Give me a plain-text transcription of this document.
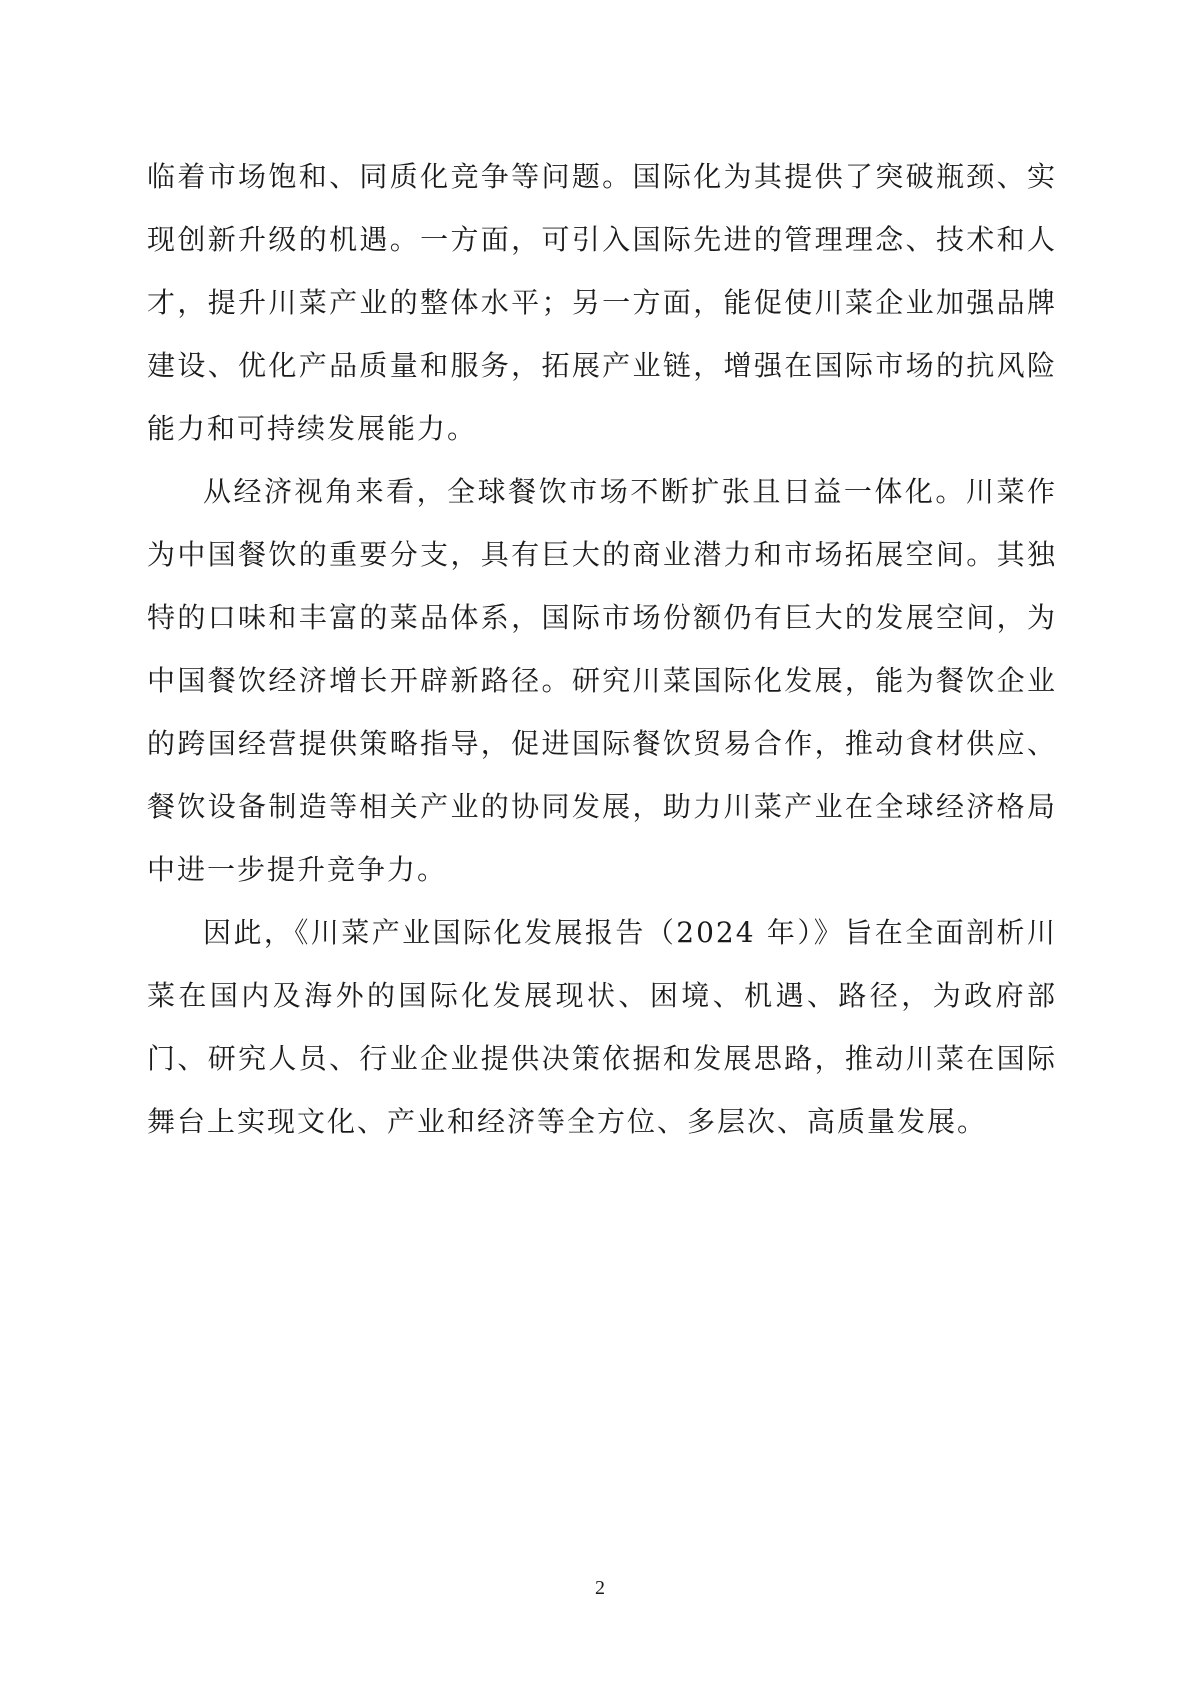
临着市场饱和、同质化竞争等问题。国际化为其提供了突破瓶颈、实现创新升级的机遇。一方面，可引入国际先进的管理理念、技术和人才，提升川菜产业的整体水平；另一方面，能促使川菜企业加强品牌建设、优化产品质量和服务，拓展产业链，增强在国际市场的抗风险能力和可持续发展能力。

从经济视角来看，全球餐饮市场不断扩张且日益一体化。川菜作为中国餐饮的重要分支，具有巨大的商业潜力和市场拓展空间。其独特的口味和丰富的菜品体系，国际市场份额仍有巨大的发展空间，为中国餐饮经济增长开辟新路径。研究川菜国际化发展，能为餐饮企业的跨国经营提供策略指导，促进国际餐饮贸易合作，推动食材供应、餐饮设备制造等相关产业的协同发展，助力川菜产业在全球经济格局中进一步提升竞争力。

因此，《川菜产业国际化发展报告（2024 年）》旨在全面剖析川菜在国内及海外的国际化发展现状、困境、机遇、路径，为政府部门、研究人员、行业企业提供决策依据和发展思路，推动川菜在国际舞台上实现文化、产业和经济等全方位、多层次、高质量发展。

2
